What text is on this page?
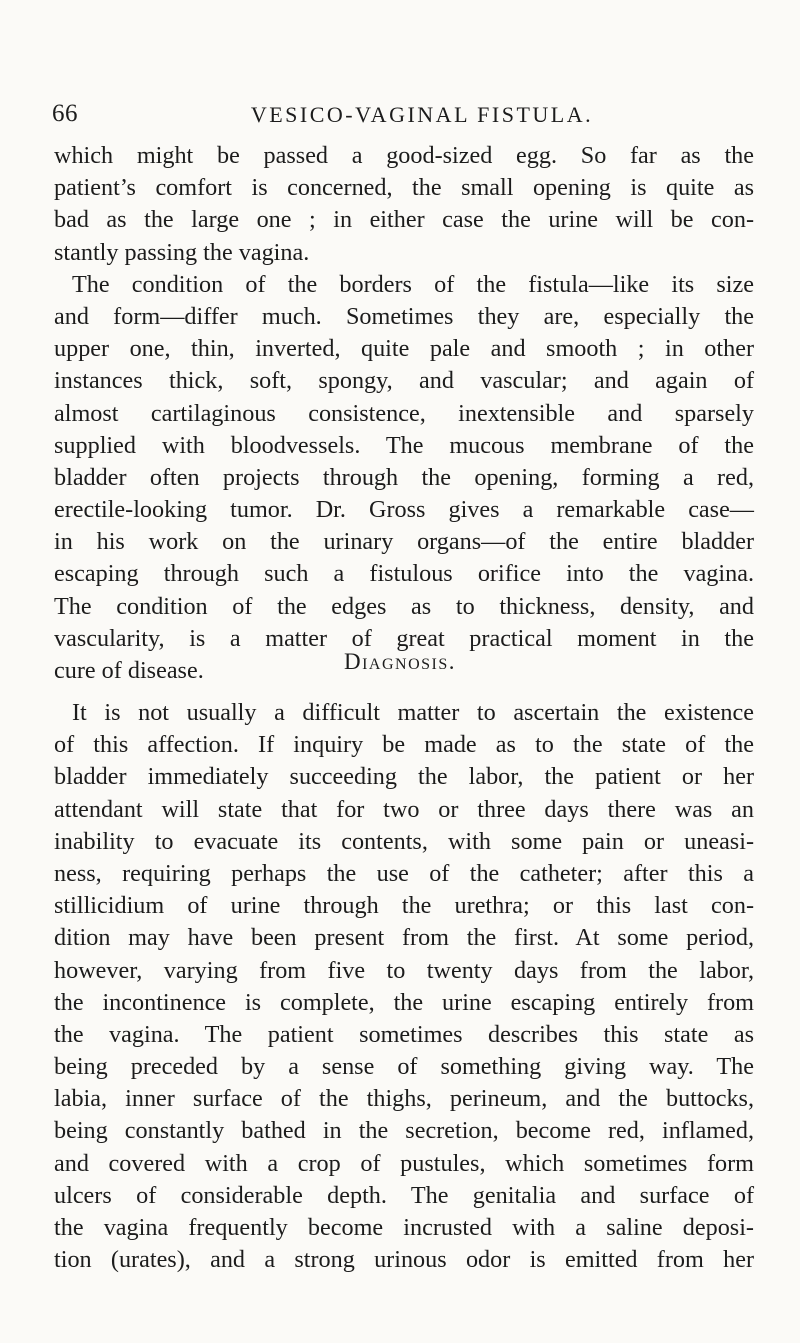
66	VESICO-VAGINAL FISTULA.
which might be passed a good-sized egg. So far as the
patient’s comfort is concerned, the small opening is quite as
bad as the large one ; in either case the urine will be con-
stantly passing the vagina.
The condition of the borders of the fistula—like its size
and form—differ much. Sometimes they are, especially the
upper one, thin, inverted, quite pale and smooth ; in other
instances thick, soft, spongy, and vascular; and again of
almost cartilaginous consistence, inextensible and sparsely
supplied with bloodvessels. The mucous membrane of the
bladder often projects through the opening, forming a red,
erectile-looking tumor. Dr. Gross gives a remarkable case—
in his work on the urinary organs—of the entire bladder
escaping through such a fistulous orifice into the vagina.
The condition of the edges as to thickness, density, and
vascularity, is a matter of great practical moment in the
cure of disease.	Diagnosis.
It is not usually a difficult matter to ascertain the existence
of this affection. If inquiry be made as to the state of the
bladder immediately succeeding the labor, the patient or her
attendant will state that for two or three days there was an
inability to evacuate its contents, with some pain or uneasi-
ness, requiring perhaps the use of the catheter; after this a
stillicidium of urine through the urethra; or this last con-
dition may have been present from the first. At some period,
however, varying from five to twenty days from the labor,
the incontinence is complete, the urine escaping entirely from
the vagina. The patient sometimes describes this state as
being preceded by a sense of something giving way. The
labia, inner surface of the thighs, perineum, and the buttocks,
being constantly bathed in the secretion, become red, inflamed,
and covered with a crop of pustules, which sometimes form
ulcers of considerable depth. The genitalia and surface of
the vagina frequently become incrusted with a saline deposi-
tion (urates), and a strong urinous odor is emitted from her
